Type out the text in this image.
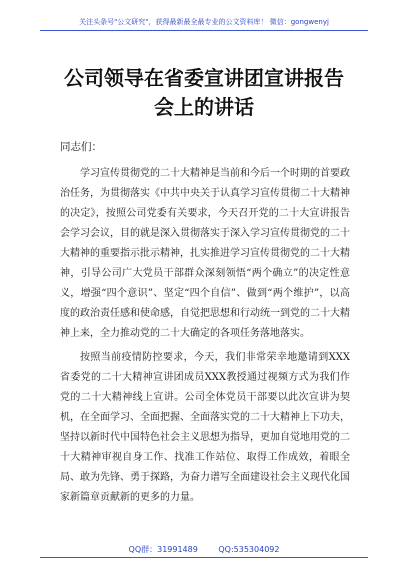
关注头条号"公文研究"，获得最新最全最专业的公文资料库！ 微信：gongwenyj
公司领导在省委宣讲团宣讲报告
会上的讲话
同志们：

学习宣传贯彻党的二十大精神是当前和今后一个时期的首要政治任务，为贯彻落实《中共中央关于认真学习宣传贯彻二十大精神的决定》，按照公司党委有关要求，今天召开党的二十大宣讲报告会学习会议，目的就是深入贯彻落实于深入学习宣传贯彻党的二十大精神的重要指示批示精神，扎实推进学习宣传贯彻党的二十大精神，引导公司广大党员干部群众深刻领悟“两个确立”的决定性意义，增强“四个意识”、坚定“四个自信”、做到“两个维护”，以高度的政治责任感和使命感，自觉把思想和行动统一到党的二十大精神上来，全力推动党的二十大确定的各项任务落地落实。

按照当前疫情防控要求，今天，我们非常荣幸地邀请到XXX省委党的二十大精神宣讲团成员XXX教授通过视频方式为我们作党的二十大精神线上宣讲。公司全体党员干部要以此次宣讲为契机，在全面学习、全面把握、全面落实党的二十大精神上下功夫，坚持以新时代中国特色社会主义思想为指导，更加自觉地用党的二十大精神审视自身工作、找准工作站位、取得工作成效，着眼全局、敢为先锋、勇于探路，为奋力谱写全面建设社会主义现代化国家新篇章贡献新的更多的力量。

QQ群：31991489	QQ:535304092
